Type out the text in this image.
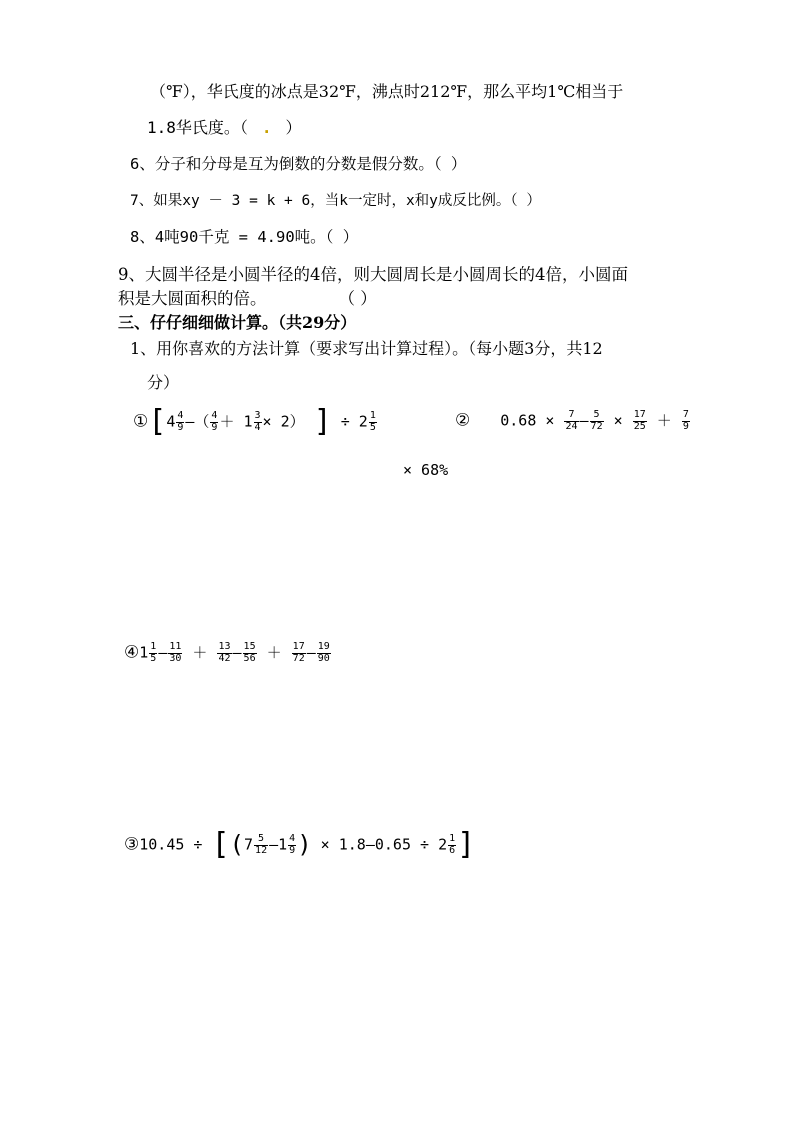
（℉），华氏度的冰点是32℉，沸点时212℉，那么平均1℃相当于
1.8华氏度。（ . ）
6、分子和分母是互为倒数的分数是假分数。（ ）
7、如果xy － 3 = k + 6，当k一定时，x和y成反比例。（ ）
8、4吨90千克 = 4.90吨。（ ）
9、大圆半径是小圆半径的4倍，则大圆周长是小圆周长的4倍，小圆面
积是大圆面积的倍。	（ ）
三、仔仔细细做计算。（共29分）
1、用你喜欢的方法计算（要求写出计算过程）。（每小题3分，共12
分）
①[4 $\frac{4}{9}$ –（ $\frac{4}{9} + 1 \frac{3}{4} \times 2$） ] ÷ $2 \frac{1}{5}$	② $0.68 \times \frac{7}{24} - \frac{5}{72} \times \frac{17}{25} + \frac{7}{9}$
× 68%
④1 $\frac{1}{5} - \frac{11}{30} + \frac{13}{42} - \frac{15}{56} + \frac{17}{72} - \frac{19}{90}$
③10.45 ÷ [($7 \frac{5}{12} -1 \frac{4}{9}$ ) × $1.8-0.65 \div 2 \frac{1}{6}$ ]
